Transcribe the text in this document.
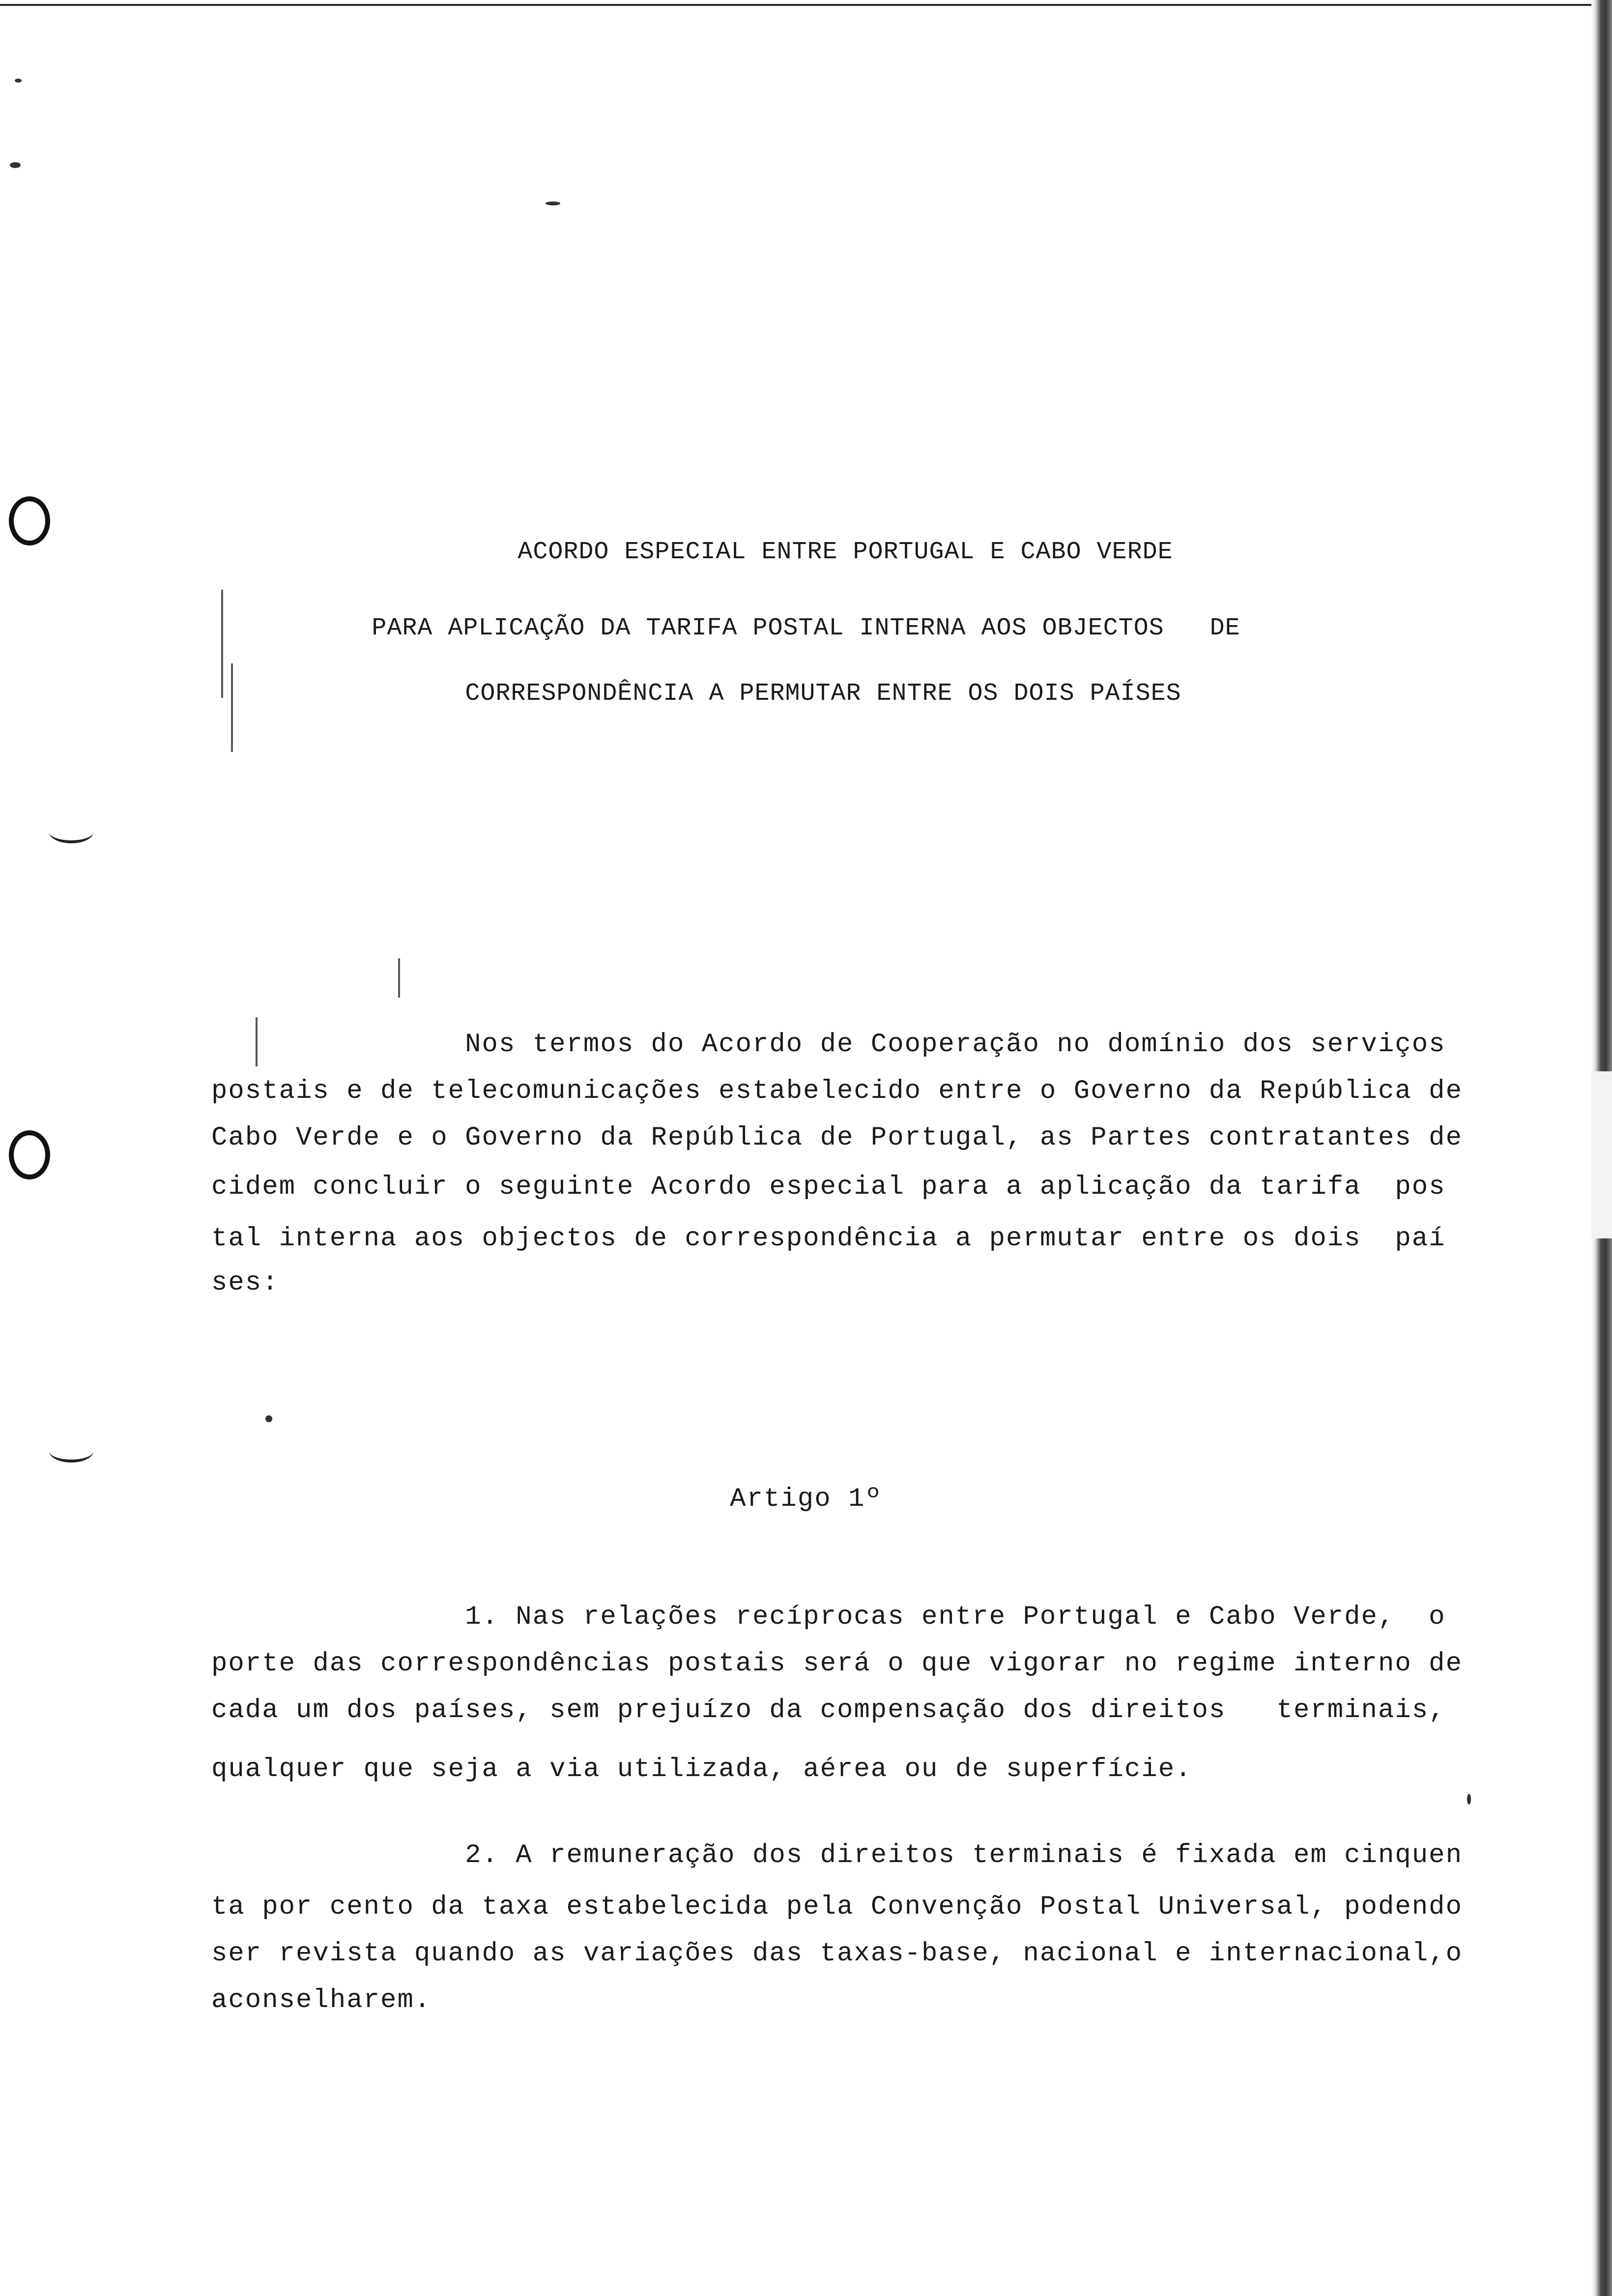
ACORDO ESPECIAL ENTRE PORTUGAL E CABO VERDE
PARA APLICAÇÃO DA TARIFA POSTAL INTERNA AOS OBJECTOS   DE
CORRESPONDÊNCIA A PERMUTAR ENTRE OS DOIS PAÍSES
Nos termos do Acordo de Cooperação no domínio dos serviços
postais e de telecomunicações estabelecido entre o Governo da República de
Cabo Verde e o Governo da República de Portugal, as Partes contratantes de
cidem concluir o seguinte Acordo especial para a aplicação da tarifa  pos
tal interna aos objectos de correspondência a permutar entre os dois  paí
ses:
Artigo 1º
1. Nas relações recíprocas entre Portugal e Cabo Verde,  o
porte das correspondências postais será o que vigorar no regime interno de
cada um dos países, sem prejuízo da compensação dos direitos   terminais,
qualquer que seja a via utilizada, aérea ou de superfície.
2. A remuneração dos direitos terminais é fixada em cinquen
ta por cento da taxa estabelecida pela Convenção Postal Universal, podendo
ser revista quando as variações das taxas-base, nacional e internacional,o
aconselharem.
